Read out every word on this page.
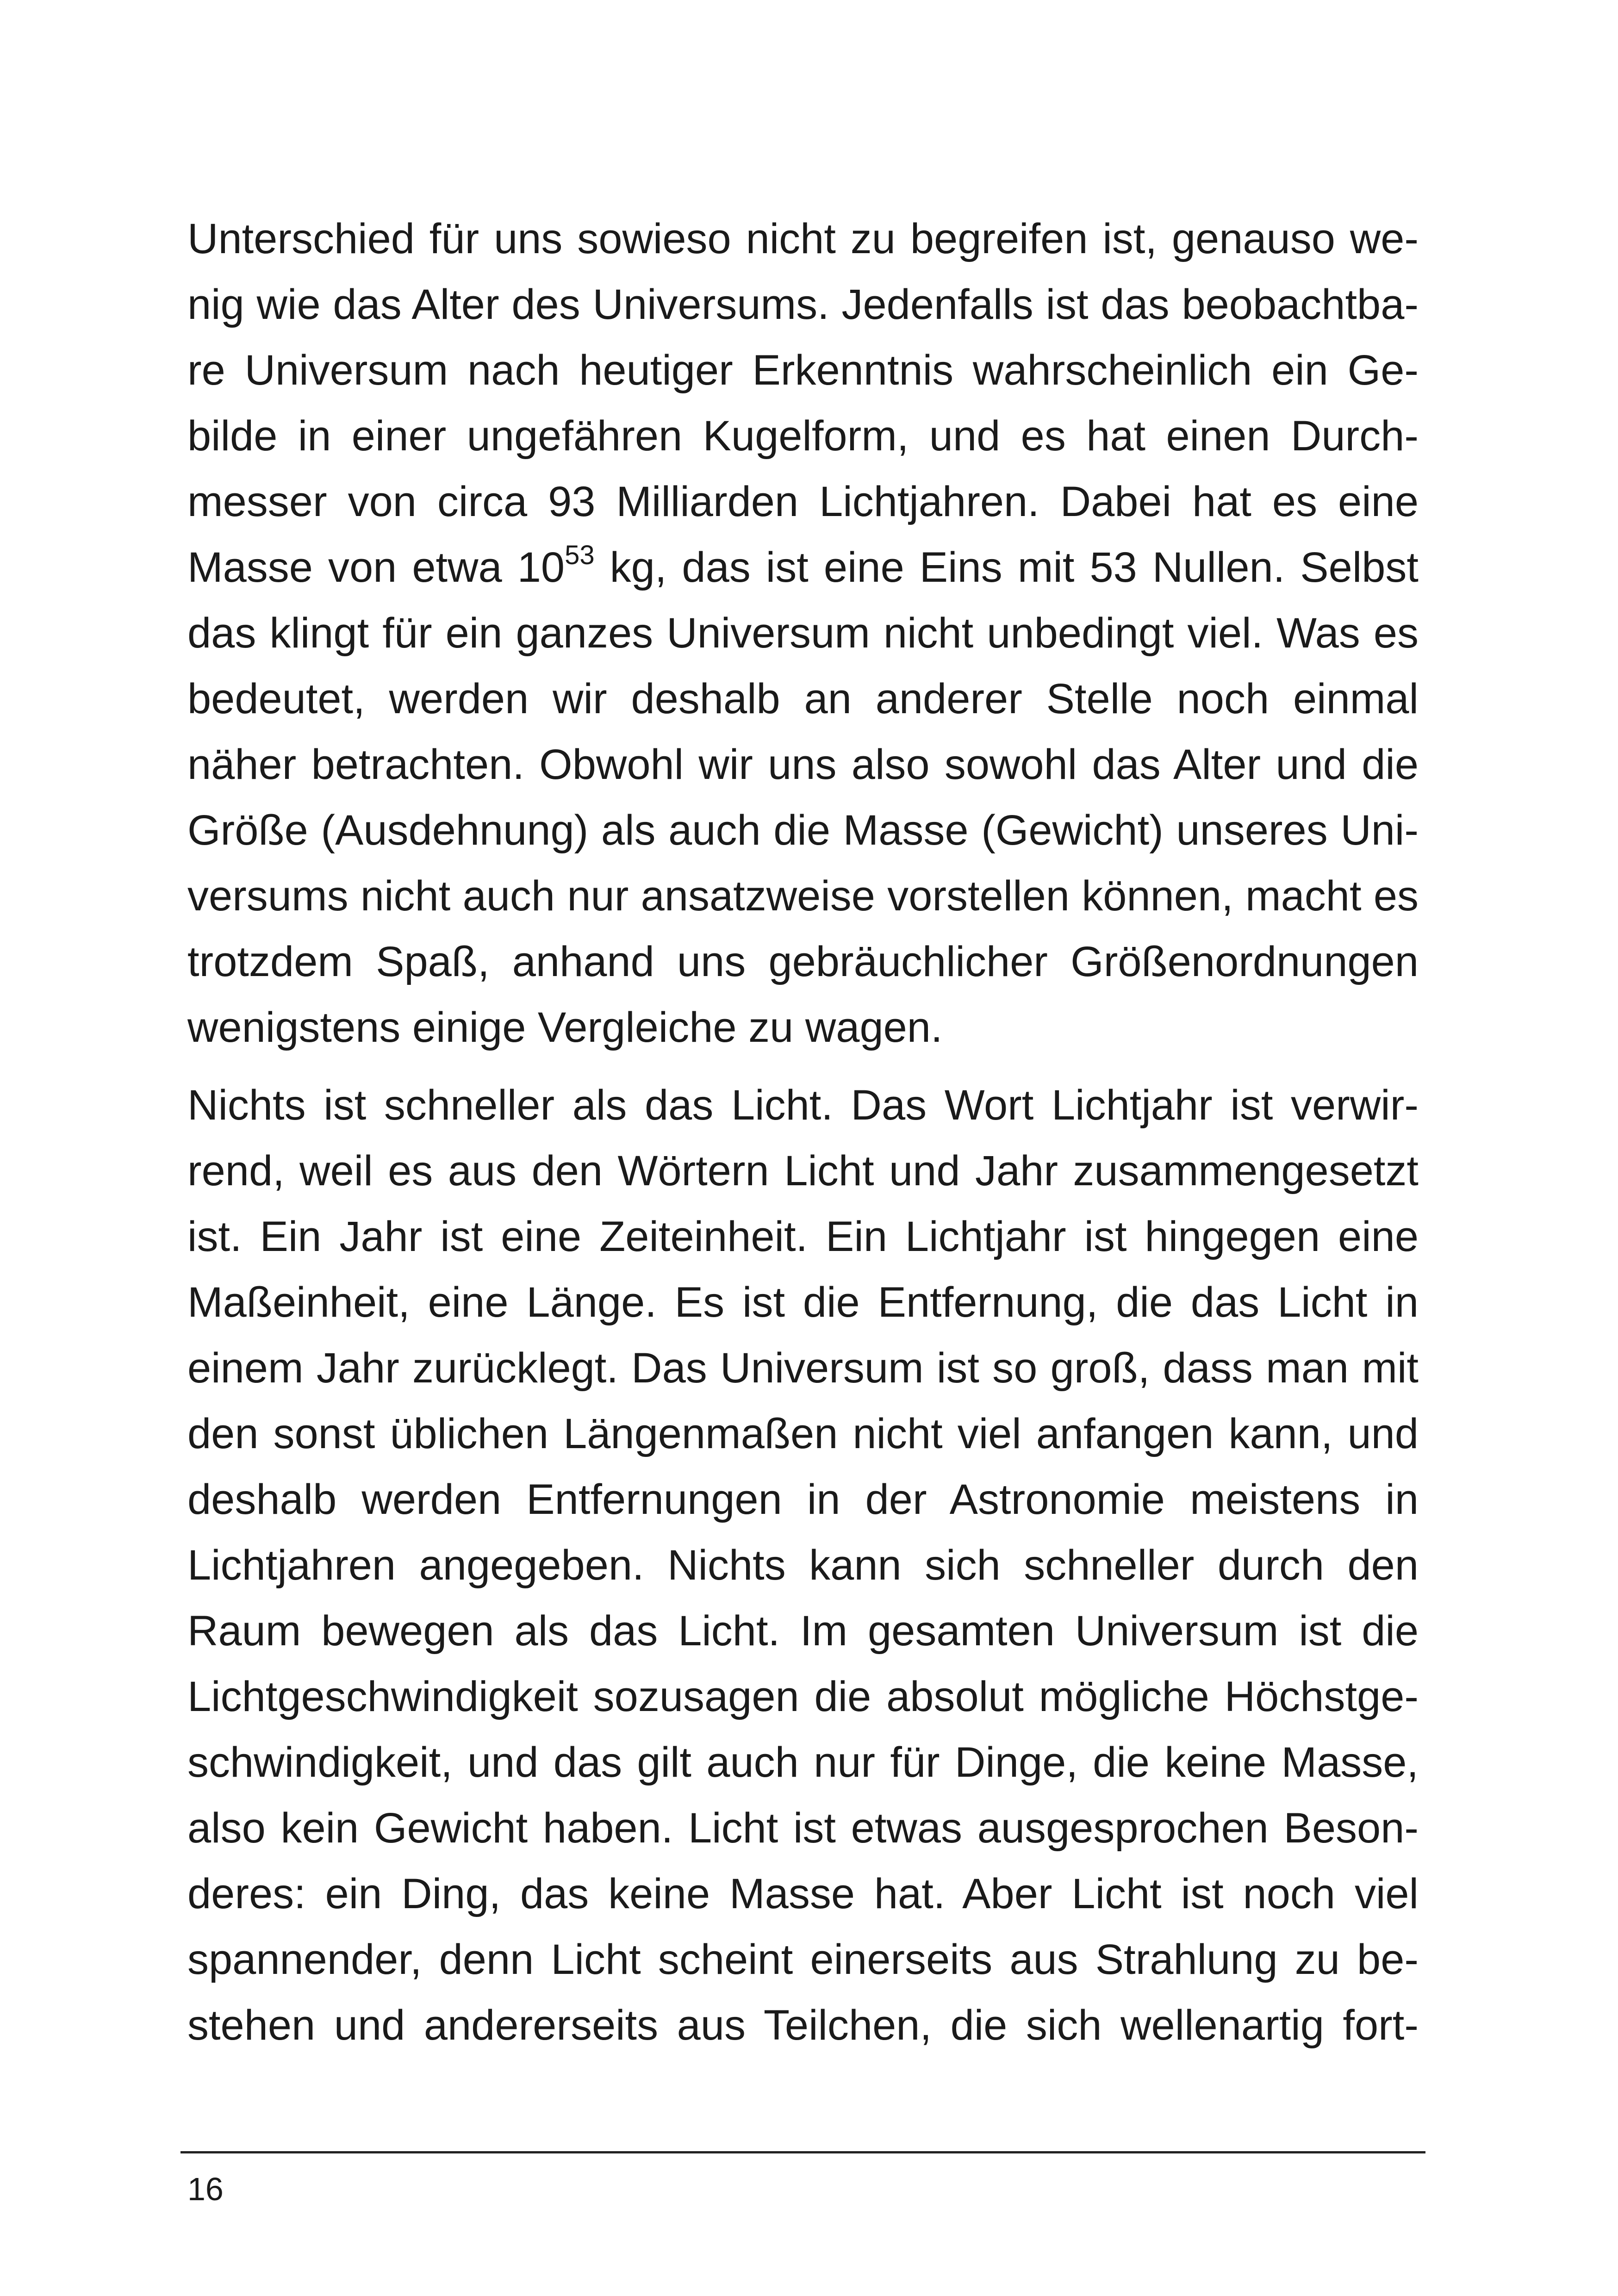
Unterschied für uns sowieso nicht zu begreifen ist, genauso we-
nig wie das Alter des Universums. Jedenfalls ist das beobachtba-
re Universum nach heutiger Erkenntnis wahrscheinlich ein Ge-
bilde in einer ungefähren Kugelform, und es hat einen Durch-
messer von circa 93 Milliarden Lichtjahren. Dabei hat es eine
Masse von etwa $10^{53}$ kg, das ist eine Eins mit 53 Nullen. Selbst
das klingt für ein ganzes Universum nicht unbedingt viel. Was es
bedeutet, werden wir deshalb an anderer Stelle noch einmal
näher betrachten. Obwohl wir uns also sowohl das Alter und die
Größe (Ausdehnung) als auch die Masse (Gewicht) unseres Uni-
versums nicht auch nur ansatzweise vorstellen können, macht es
trotzdem Spaß, anhand uns gebräuchlicher Größenordnungen
wenigstens einige Vergleiche zu wagen.
Nichts ist schneller als das Licht. Das Wort Lichtjahr ist verwir-
rend, weil es aus den Wörtern Licht und Jahr zusammengesetzt
ist. Ein Jahr ist eine Zeiteinheit. Ein Lichtjahr ist hingegen eine
Maßeinheit, eine Länge. Es ist die Entfernung, die das Licht in
einem Jahr zurücklegt. Das Universum ist so groß, dass man mit
den sonst üblichen Längenmaßen nicht viel anfangen kann, und
deshalb werden Entfernungen in der Astronomie meistens in
Lichtjahren angegeben. Nichts kann sich schneller durch den
Raum bewegen als das Licht. Im gesamten Universum ist die
Lichtgeschwindigkeit sozusagen die absolut mögliche Höchstge-
schwindigkeit, und das gilt auch nur für Dinge, die keine Masse,
also kein Gewicht haben. Licht ist etwas ausgesprochen Beson-
deres: ein Ding, das keine Masse hat. Aber Licht ist noch viel
spannender, denn Licht scheint einerseits aus Strahlung zu be-
stehen und andererseits aus Teilchen, die sich wellenartig fort-
16
